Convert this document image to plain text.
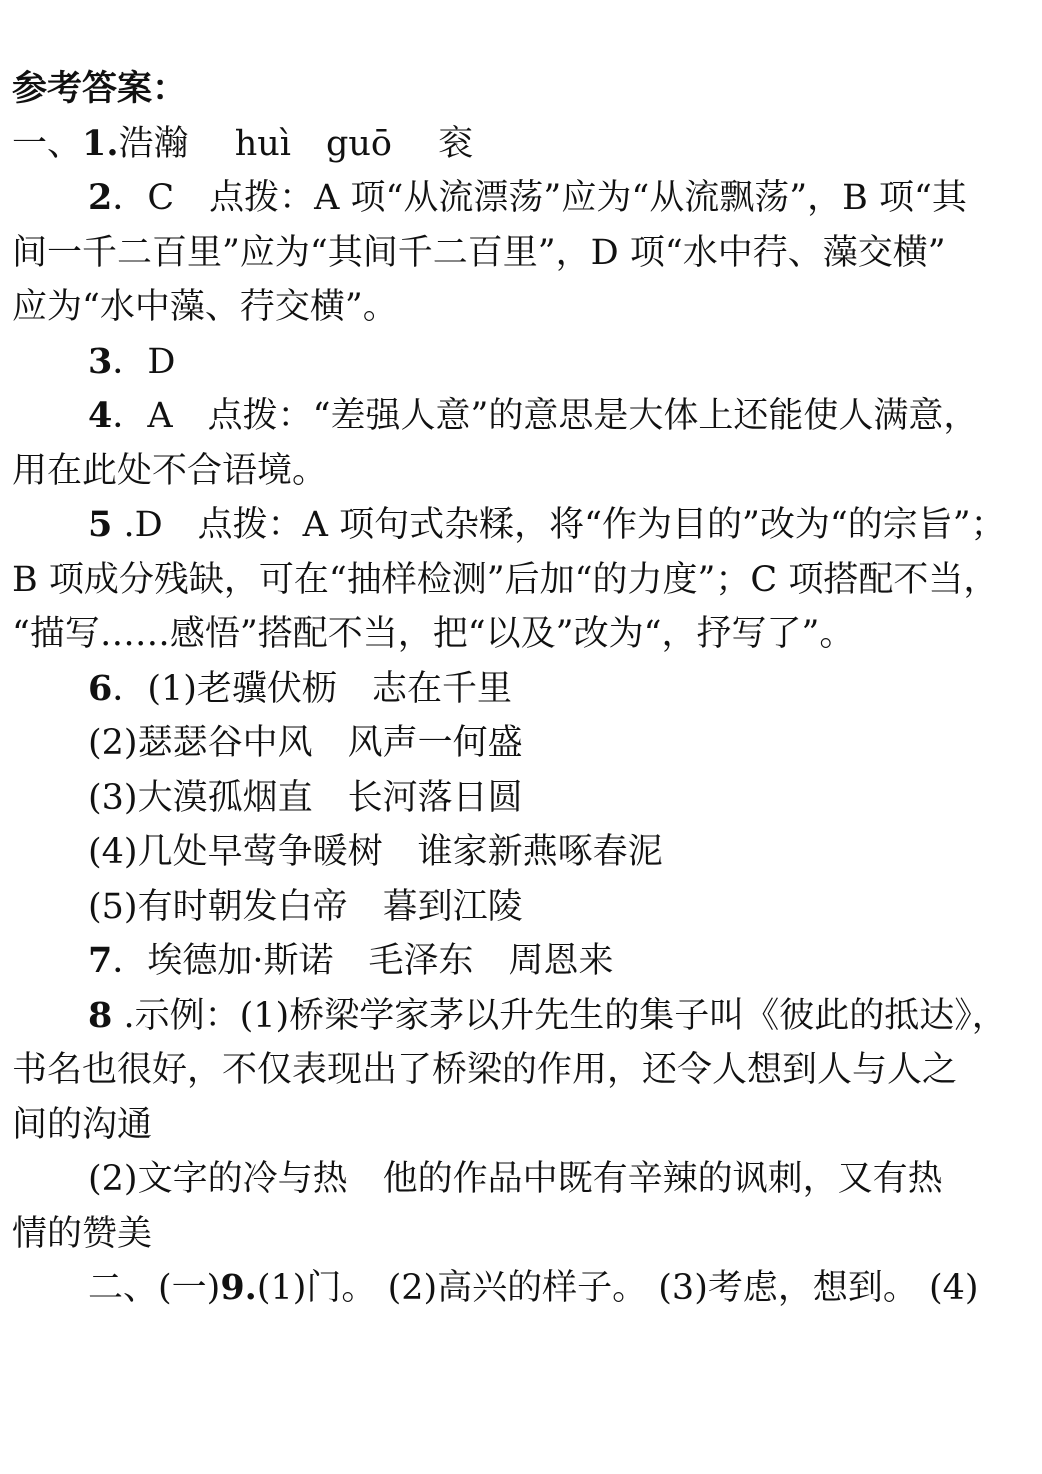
参考答案：
一、1.浩瀚　 huì　guō　 衮
2．C　点拨：A 项“从流漂荡”应为“从流飘荡”，B 项“其
间一千二百里”应为“其间千二百里”，D 项“水中荇、藻交横”
应为“水中藻、荇交横”。
3．D
4．A　点拨：“差强人意”的意思是大体上还能使人满意，
用在此处不合语境。
5 .D　点拨：A 项句式杂糅，将“作为目的”改为“的宗旨”；
B 项成分残缺，可在“抽样检测”后加“的力度”；C 项搭配不当，
“描写……感悟”搭配不当，把“以及”改为“，抒写了”。
6．(1)老骥伏枥　志在千里
(2)瑟瑟谷中风　风声一何盛
(3)大漠孤烟直　长河落日圆
(4)几处早莺争暖树　谁家新燕啄春泥
(5)有时朝发白帝　暮到江陵
7．埃德加·斯诺　毛泽东　周恩来
8 .示例：(1)桥梁学家茅以升先生的集子叫《彼此的抵达》，
书名也很好，不仅表现出了桥梁的作用，还令人想到人与人之
间的沟通
(2)文字的冷与热　他的作品中既有辛辣的讽刺，又有热
情的赞美
二、(一)9.(1)门。 (2)高兴的样子。 (3)考虑，想到。 (4)
